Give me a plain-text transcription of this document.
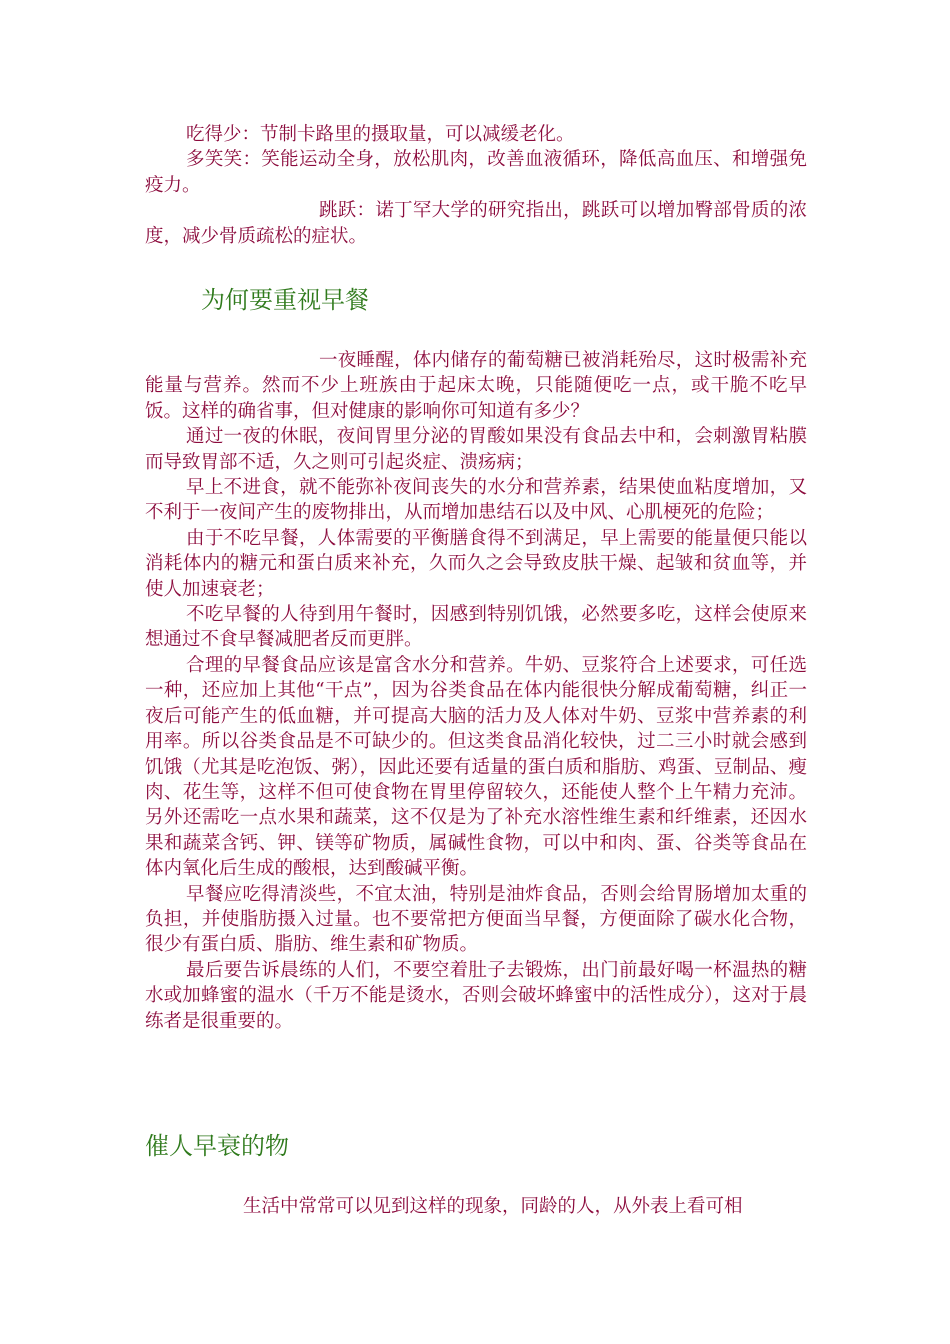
吃得少：节制卡路里的摄取量，可以减缓老化。

多笑笑：笑能运动全身，放松肌肉，改善血液循环，降低高血压、和增强免疫力。

跳跃：诺丁罕大学的研究指出，跳跃可以增加臀部骨质的浓度，减少骨质疏松的症状。

为何要重视早餐

一夜睡醒，体内储存的葡萄糖已被消耗殆尽，这时极需补充能量与营养。然而不少上班族由于起床太晚，只能随便吃一点，或干脆不吃早饭。这样的确省事，但对健康的影响你可知道有多少？

通过一夜的休眠，夜间胃里分泌的胃酸如果没有食品去中和，会刺激胃粘膜而导致胃部不适，久之则可引起炎症、溃疡病；

早上不进食，就不能弥补夜间丧失的水分和营养素，结果使血粘度增加，又不利于一夜间产生的废物排出，从而增加患结石以及中风、心肌梗死的危险；

由于不吃早餐，人体需要的平衡膳食得不到满足，早上需要的能量便只能以消耗体内的糖元和蛋白质来补充，久而久之会导致皮肤干燥、起皱和贫血等，并使人加速衰老；

不吃早餐的人待到用午餐时，因感到特别饥饿，必然要多吃，这样会使原来想通过不食早餐减肥者反而更胖。

合理的早餐食品应该是富含水分和营养。牛奶、豆浆符合上述要求，可任选一种，还应加上其他“干点”，因为谷类食品在体内能很快分解成葡萄糖，纠正一夜后可能产生的低血糖，并可提高大脑的活力及人体对牛奶、豆浆中营养素的利用率。所以谷类食品是不可缺少的。但这类食品消化较快，过二三小时就会感到饥饿（尤其是吃泡饭、粥），因此还要有适量的蛋白质和脂肪、鸡蛋、豆制品、瘦肉、花生等，这样不但可使食物在胃里停留较久，还能使人整个上午精力充沛。另外还需吃一点水果和蔬菜，这不仅是为了补充水溶性维生素和纤维素，还因水果和蔬菜含钙、钾、镁等矿物质，属碱性食物，可以中和肉、蛋、谷类等食品在体内氧化后生成的酸根，达到酸碱平衡。

早餐应吃得清淡些，不宜太油，特别是油炸食品，否则会给胃肠增加太重的负担，并使脂肪摄入过量。也不要常把方便面当早餐，方便面除了碳水化合物，很少有蛋白质、脂肪、维生素和矿物质。

最后要告诉晨练的人们，不要空着肚子去锻炼，出门前最好喝一杯温热的糖水或加蜂蜜的温水（千万不能是烫水，否则会破坏蜂蜜中的活性成分），这对于晨练者是很重要的。

催人早衰的物

生活中常常可以见到这样的现象，同龄的人，从外表上看可相
